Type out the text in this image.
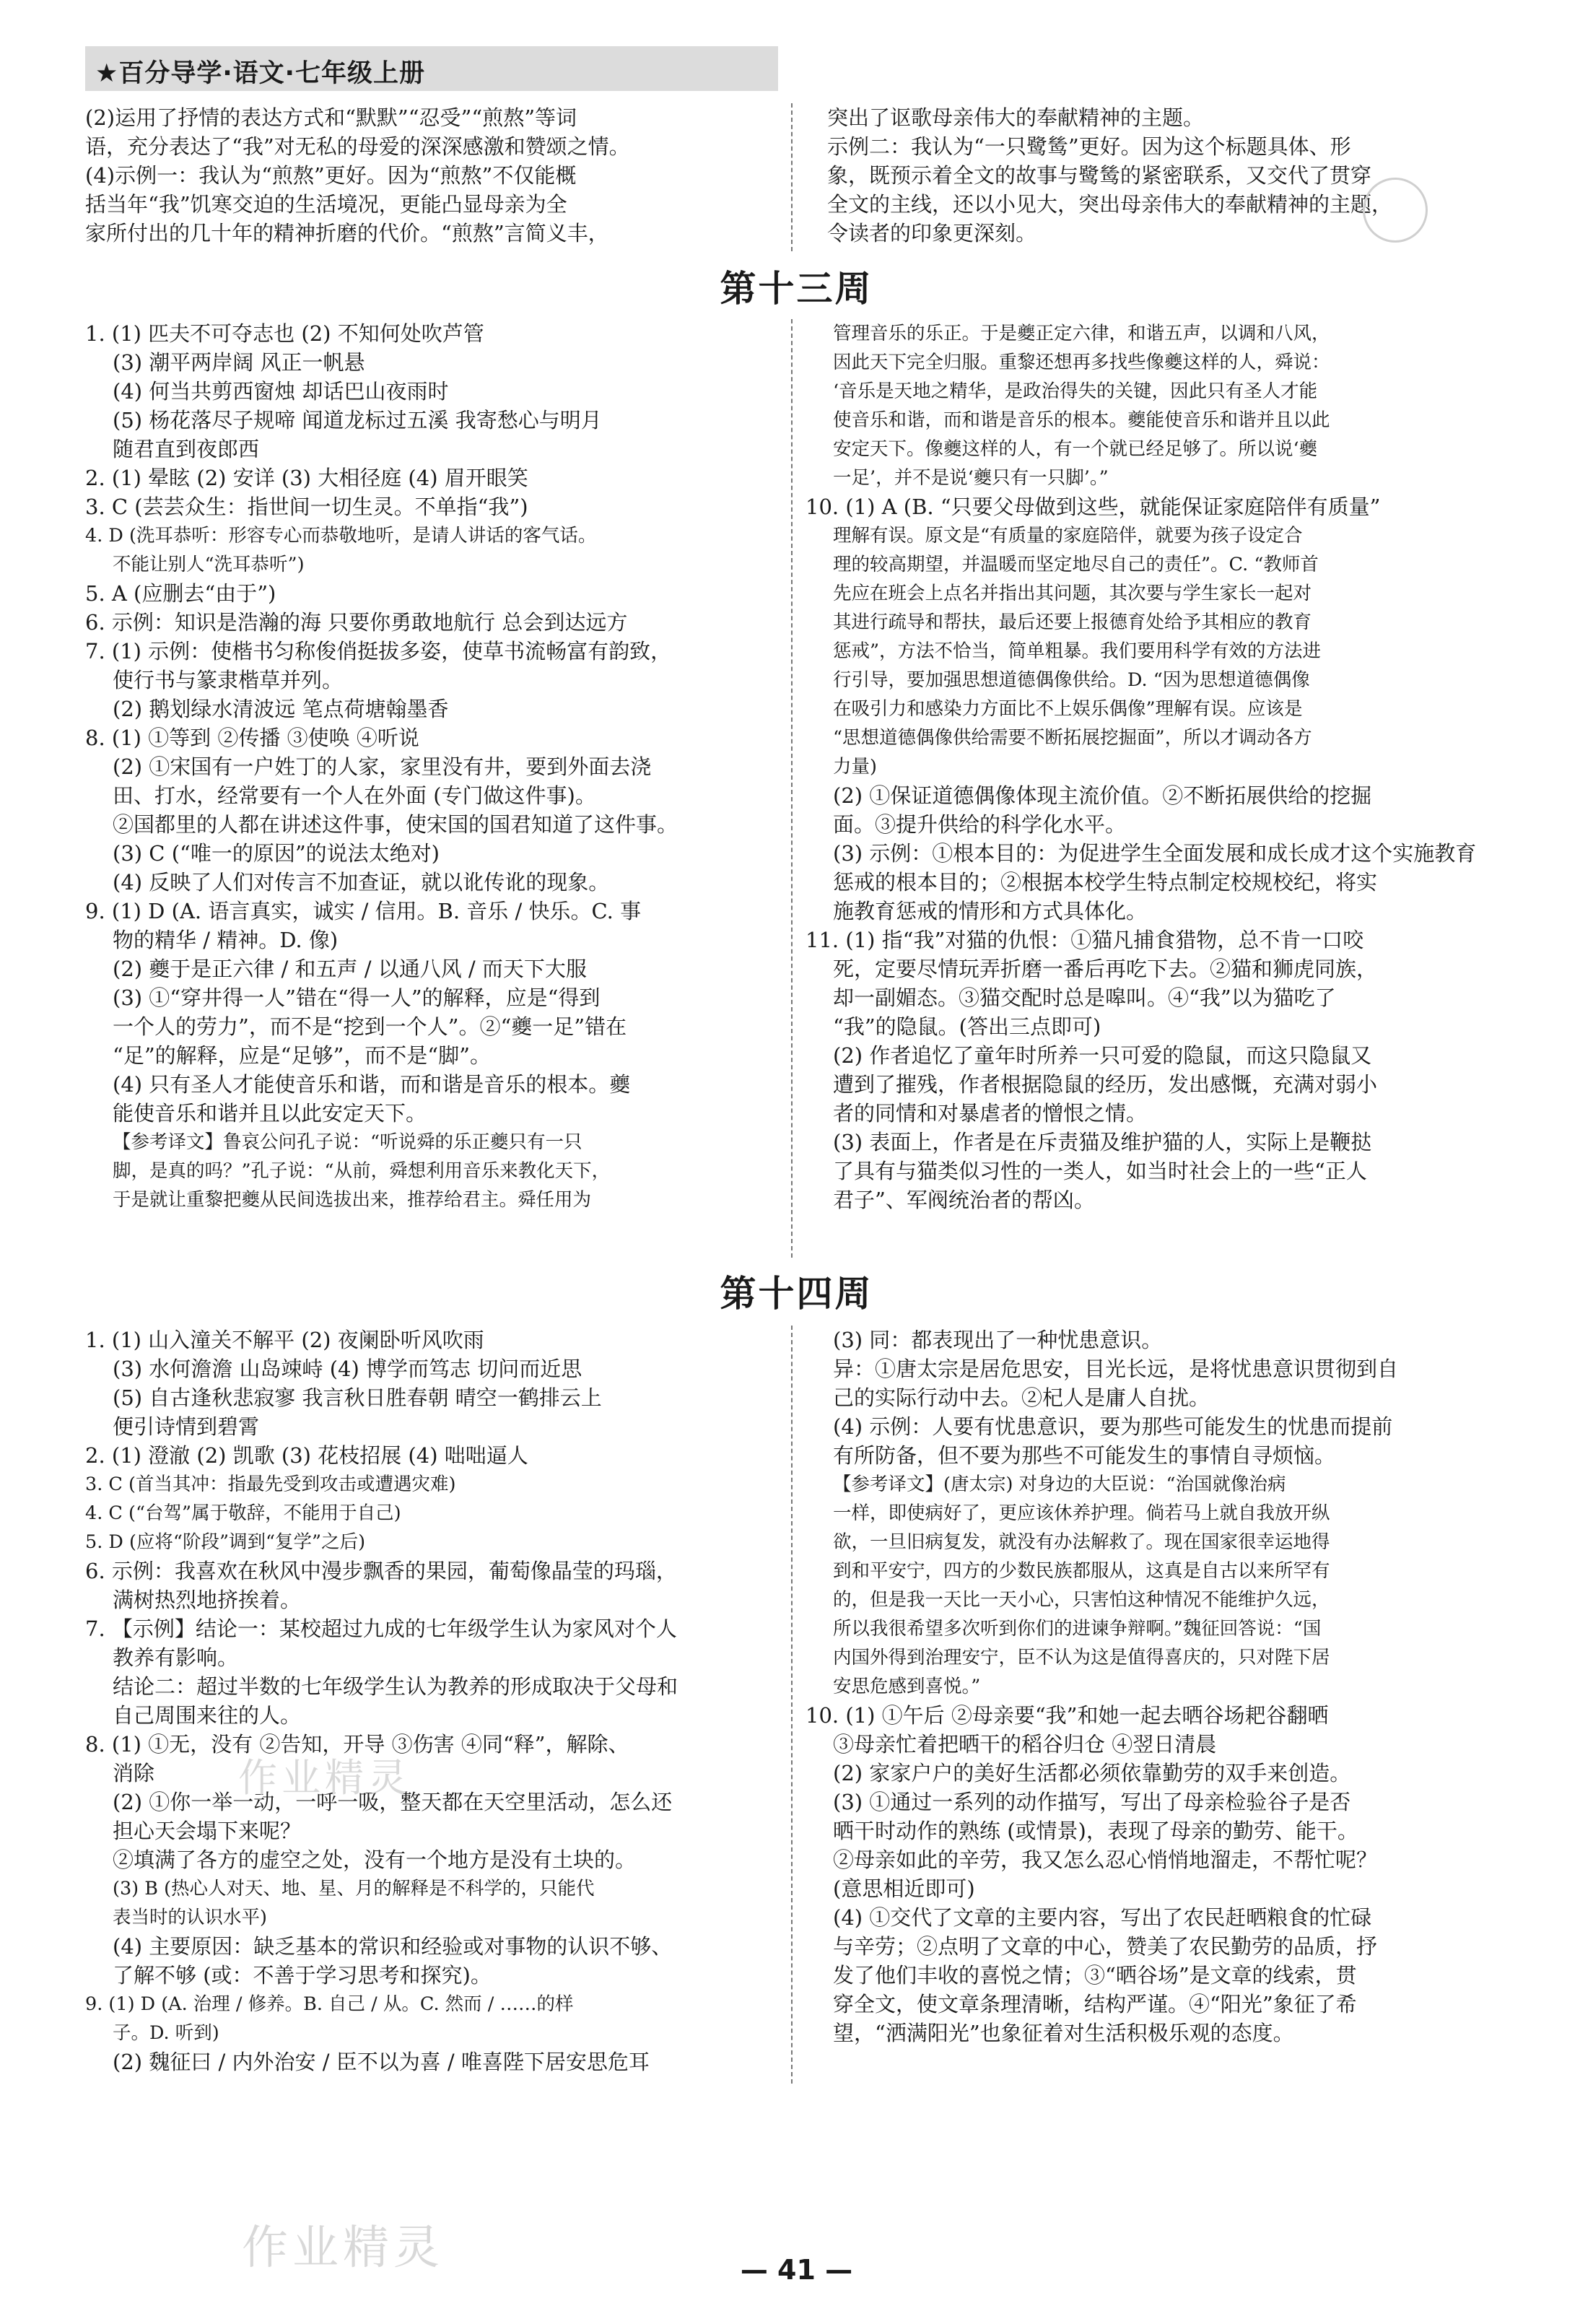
★百分导学·语文·七年级上册

(2)运用了抒情的表达方式和“默默”“忍受”“煎熬”等词

语，充分表达了“我”对无私的母爱的深深感激和赞颂之情。

(4)示例一：我认为“煎熬”更好。因为“煎熬”不仅能概

括当年“我”饥寒交迫的生活境况，更能凸显母亲为全

家所付出的几十年的精神折磨的代价。“煎熬”言简义丰，

突出了讴歌母亲伟大的奉献精神的主题。

示例二：我认为“一只鹭鸶”更好。因为这个标题具体、形

象，既预示着全文的故事与鹭鸶的紧密联系，又交代了贯穿

全文的主线，还以小见大，突出母亲伟大的奉献精神的主题，

令读者的印象更深刻。

第十三周

1. (1) 匹夫不可夺志也 (2) 不知何处吹芦管

(3) 潮平两岸阔 风正一帆悬

(4) 何当共剪西窗烛 却话巴山夜雨时

(5) 杨花落尽子规啼 闻道龙标过五溪 我寄愁心与明月

随君直到夜郎西

2. (1) 晕眩 (2) 安详 (3) 大相径庭 (4) 眉开眼笑

3. C (芸芸众生：指世间一切生灵。不单指“我”)

4. D (洗耳恭听：形容专心而恭敬地听，是请人讲话的客气话。

不能让别人“洗耳恭听”)

5. A (应删去“由于”)

6. 示例：知识是浩瀚的海 只要你勇敢地航行 总会到达远方

7. (1) 示例：使楷书匀称俊俏挺拔多姿，使草书流畅富有韵致，

使行书与篆隶楷草并列。

(2) 鹅划绿水清波远 笔点荷塘翰墨香

8. (1) ①等到 ②传播 ③使唤 ④听说

(2) ①宋国有一户姓丁的人家，家里没有井，要到外面去浇

田、打水，经常要有一个人在外面 (专门做这件事)。

②国都里的人都在讲述这件事，使宋国的国君知道了这件事。

(3) C (“唯一的原因”的说法太绝对)

(4) 反映了人们对传言不加查证，就以讹传讹的现象。

9. (1) D (A. 语言真实，诚实 / 信用。B. 音乐 / 快乐。C. 事

物的精华 / 精神。D. 像)

(2) 夔于是正六律 / 和五声 / 以通八风 / 而天下大服

(3) ①“穿井得一人”错在“得一人”的解释，应是“得到

一个人的劳力”，而不是“挖到一个人”。②“夔一足”错在

“足”的解释，应是“足够”，而不是“脚”。

(4) 只有圣人才能使音乐和谐，而和谐是音乐的根本。夔

能使音乐和谐并且以此安定天下。

【参考译文】鲁哀公问孔子说：“听说舜的乐正夔只有一只

脚，是真的吗？”孔子说：“从前，舜想利用音乐来教化天下，

于是就让重黎把夔从民间选拔出来，推荐给君主。舜任用为

管理音乐的乐正。于是夔正定六律，和谐五声，以调和八风，

因此天下完全归服。重黎还想再多找些像夔这样的人，舜说：

‘音乐是天地之精华，是政治得失的关键，因此只有圣人才能

使音乐和谐，而和谐是音乐的根本。夔能使音乐和谐并且以此

安定天下。像夔这样的人，有一个就已经足够了。所以说‘夔

一足’，并不是说‘夔只有一只脚’。”

10. (1) A (B. “只要父母做到这些，就能保证家庭陪伴有质量”

理解有误。原文是“有质量的家庭陪伴，就要为孩子设定合

理的较高期望，并温暖而坚定地尽自己的责任”。C. “教师首

先应在班会上点名并指出其问题，其次要与学生家长一起对

其进行疏导和帮扶，最后还要上报德育处给予其相应的教育

惩戒”，方法不恰当，简单粗暴。我们要用科学有效的方法进

行引导，要加强思想道德偶像供给。D. “因为思想道德偶像

在吸引力和感染力方面比不上娱乐偶像”理解有误。应该是

“思想道德偶像供给需要不断拓展挖掘面”，所以才调动各方

力量)

(2) ①保证道德偶像体现主流价值。②不断拓展供给的挖掘

面。③提升供给的科学化水平。

(3) 示例：①根本目的：为促进学生全面发展和成长成才这个实施教育

惩戒的根本目的；②根据本校学生特点制定校规校纪，将实

施教育惩戒的情形和方式具体化。

11. (1) 指“我”对猫的仇恨：①猫凡捕食猎物，总不肯一口咬

死，定要尽情玩弄折磨一番后再吃下去。②猫和狮虎同族，

却一副媚态。③猫交配时总是嗥叫。④“我”以为猫吃了

“我”的隐鼠。(答出三点即可)

(2) 作者追忆了童年时所养一只可爱的隐鼠，而这只隐鼠又

遭到了摧残，作者根据隐鼠的经历，发出感慨，充满对弱小

者的同情和对暴虐者的憎恨之情。

(3) 表面上，作者是在斥责猫及维护猫的人，实际上是鞭挞

了具有与猫类似习性的一类人，如当时社会上的一些“正人

君子”、军阀统治者的帮凶。

第十四周

1. (1) 山入潼关不解平 (2) 夜阑卧听风吹雨

(3) 水何澹澹 山岛竦峙 (4) 博学而笃志 切问而近思

(5) 自古逢秋悲寂寥 我言秋日胜春朝 晴空一鹤排云上

便引诗情到碧霄

2. (1) 澄澈 (2) 凯歌 (3) 花枝招展 (4) 咄咄逼人

3. C (首当其冲：指最先受到攻击或遭遇灾难)

4. C (“台驾”属于敬辞，不能用于自己)

5. D (应将“阶段”调到“复学”之后)

6. 示例：我喜欢在秋风中漫步飘香的果园，葡萄像晶莹的玛瑙，

满树热烈地挤挨着。

7. 【示例】结论一：某校超过九成的七年级学生认为家风对个人

教养有影响。

结论二：超过半数的七年级学生认为教养的形成取决于父母和

自己周围来往的人。

8. (1) ①无，没有 ②告知，开导 ③伤害 ④同“释”，解除、

消除

(2) ①你一举一动，一呼一吸，整天都在天空里活动，怎么还

担心天会塌下来呢？

②填满了各方的虚空之处，没有一个地方是没有土块的。

(3) B (热心人对天、地、星、月的解释是不科学的，只能代

表当时的认识水平)

(4) 主要原因：缺乏基本的常识和经验或对事物的认识不够、

了解不够 (或：不善于学习思考和探究)。

9. (1) D (A. 治理 / 修养。B. 自己 / 从。C. 然而 / ……的样

子。D. 听到)

(2) 魏征曰 / 内外治安 / 臣不以为喜 / 唯喜陛下居安思危耳

(3) 同：都表现出了一种忧患意识。

异：①唐太宗是居危思安，目光长远，是将忧患意识贯彻到自

己的实际行动中去。②杞人是庸人自扰。

(4) 示例：人要有忧患意识，要为那些可能发生的忧患而提前

有所防备，但不要为那些不可能发生的事情自寻烦恼。

【参考译文】(唐太宗) 对身边的大臣说：“治国就像治病

一样，即使病好了，更应该休养护理。倘若马上就自我放开纵

欲，一旦旧病复发，就没有办法解救了。现在国家很幸运地得

到和平安宁，四方的少数民族都服从，这真是自古以来所罕有

的，但是我一天比一天小心，只害怕这种情况不能维护久远，

所以我很希望多次听到你们的进谏争辩啊。”魏征回答说：“国

内国外得到治理安宁，臣不认为这是值得喜庆的，只对陛下居

安思危感到喜悦。”

10. (1) ①午后 ②母亲要“我”和她一起去晒谷场耙谷翻晒

③母亲忙着把晒干的稻谷归仓 ④翌日清晨

(2) 家家户户的美好生活都必须依靠勤劳的双手来创造。

(3) ①通过一系列的动作描写，写出了母亲检验谷子是否

晒干时动作的熟练 (或情景)，表现了母亲的勤劳、能干。

②母亲如此的辛劳，我又怎么忍心悄悄地溜走，不帮忙呢？

(意思相近即可)

(4) ①交代了文章的主要内容，写出了农民赶晒粮食的忙碌

与辛劳；②点明了文章的中心，赞美了农民勤劳的品质，抒

发了他们丰收的喜悦之情；③“晒谷场”是文章的线索，贯

穿全文，使文章条理清晰，结构严谨。④“阳光”象征了希

望，“洒满阳光”也象征着对生活积极乐观的态度。

作业精灵
作业精灵	— 41 —
